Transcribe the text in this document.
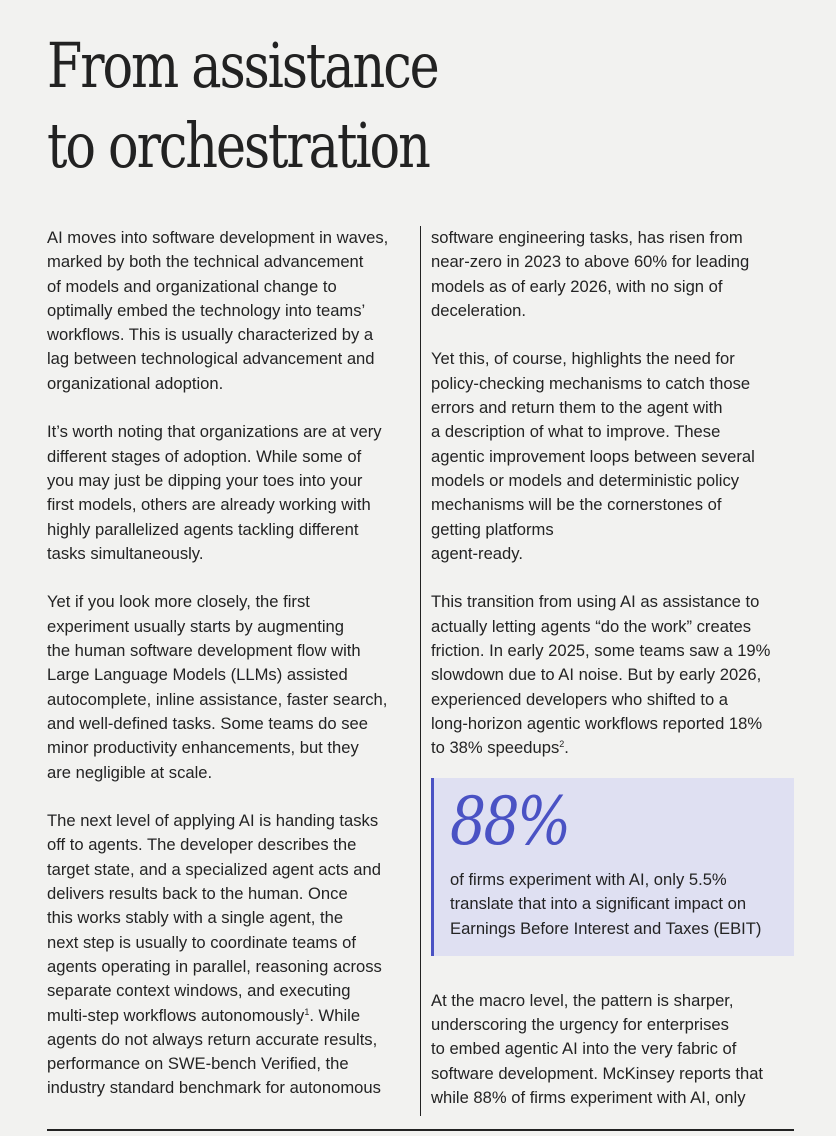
From assistance
to orchestration

AI moves into software development in waves,
marked by both the technical advancement
of models and organizational change to
optimally embed the technology into teams’
workflows. This is usually characterized by a
lag between technological advancement and
organizational adoption.

It’s worth noting that organizations are at very
different stages of adoption. While some of
you may just be dipping your toes into your
first models, others are already working with
highly parallelized agents tackling different
tasks simultaneously.

Yet if you look more closely, the first
experiment usually starts by augmenting
the human software development flow with
Large Language Models (LLMs) assisted
autocomplete, inline assistance, faster search,
and well-defined tasks. Some teams do see
minor productivity enhancements, but they
are negligible at scale.

The next level of applying AI is handing tasks
off to agents. The developer describes the
target state, and a specialized agent acts and
delivers results back to the human. Once
this works stably with a single agent, the
next step is usually to coordinate teams of
agents operating in parallel, reasoning across
separate context windows, and executing
multi-step workflows autonomously$^1$. While
agents do not always return accurate results,
performance on SWE-bench Verified, the
industry standard benchmark for autonomous

software engineering tasks, has risen from
near-zero in 2023 to above 60% for leading
models as of early 2026, with no sign of
deceleration.

Yet this, of course, highlights the need for
policy-checking mechanisms to catch those
errors and return them to the agent with
a description of what to improve. These
agentic improvement loops between several
models or models and deterministic policy
mechanisms will be the cornerstones of
getting platforms
agent-ready.

This transition from using AI as assistance to
actually letting agents “do the work” creates
friction. In early 2025, some teams saw a 19%
slowdown due to AI noise. But by early 2026,
experienced developers who shifted to a
long-horizon agentic workflows reported 18%
to 38% speedups$^2$.

At the macro level, the pattern is sharper,
underscoring the urgency for enterprises
to embed agentic AI into the very fabric of
software development. McKinsey reports that
while 88% of firms experiment with AI, only

88%
of firms experiment with AI, only 5.5%
translate that into a significant impact on
Earnings Before Interest and Taxes (EBIT)
